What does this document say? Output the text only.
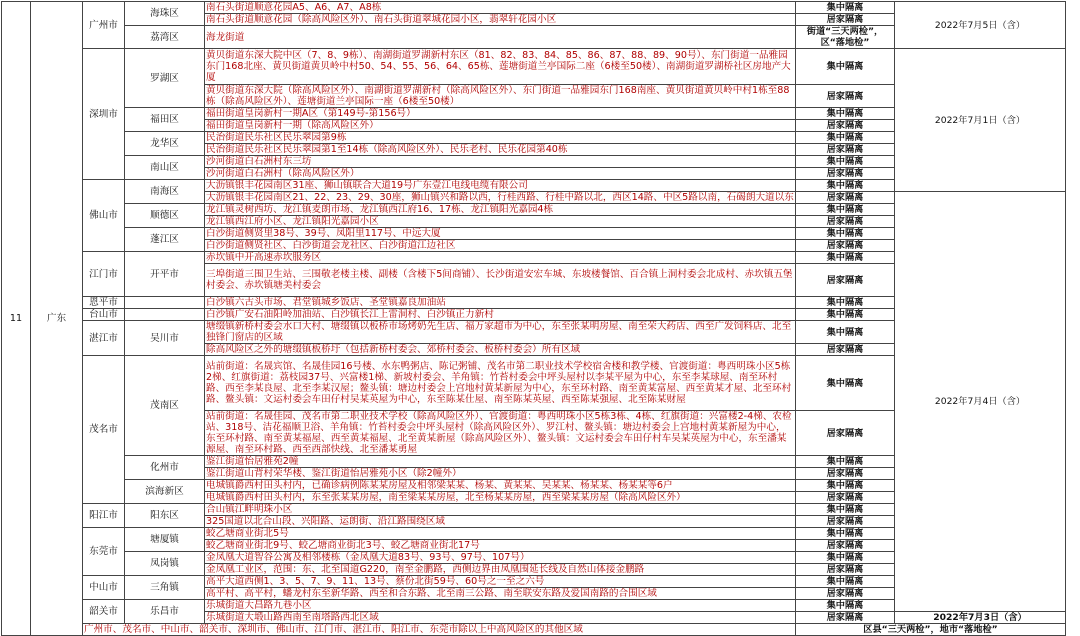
11	广东	广州市	海珠区	南石头街道顺意花园A5、A6、A7、A8栋	集中隔离	2022年7月5日（含）
				南石头街道顺意花园（除高风险区外）、南石头街道翠城花园小区，翡翠轩花园小区	居家隔离	
			荔湾区	海龙街道	街道“三天两检”，区“落地检”	
		深圳市	罗湖区	黄贝街道东深大院中区（7、8、9栋）、南湖街道罗湖新村东区（81、82、83、84、85、86、87、88、89、90号）、东门街道一品雅园东门168北座、黄贝街道黄贝岭中村50、54、55、56、64、65栋、莲塘街道兰亭国际二座（6楼至50楼）、南湖街道罗湖桥社区房地产大厦	集中隔离	2022年7月1日（含）
				黄贝街道东深大院（除高风险区外）、南湖街道罗湖新村（除高风险区外）、东门街道一品雅园东门168南座、黄贝街道黄贝岭中村1栋至88栋（除高风险区外）、莲塘街道兰亭国际一座（6楼至50楼）	居家隔离	
			福田区	福田街道皇岗新村一期A区（第149号-第156号）	集中隔离	
				福田街道皇岗新村一期（除高风险区外）	居家隔离	
			龙华区	民治街道民乐社区民乐翠园第9栋	集中隔离	
				民治街道民乐社区民乐翠园第1至14栋（除高风险区外）、民乐老村、民乐花园第40栋	居家隔离	
			南山区	沙河街道白石洲村东三坊	集中隔离	
				沙河街道白石洲村（除高风险区外）	居家隔离	
		佛山市	南海区	大沥镇银丰花园南区31座、狮山镇联合大道19号广东壹江电线电缆有限公司	集中隔离	
				大沥镇银丰花园南区21、22、23、29、30座，狮山镇兴和路以西，行桂西路、行桂中路以北，西区14路、中区5路以南，石碣朗大道以东	居家隔离	2022年7月4日（含）
			顺德区	龙江镇灵树西坊、龙江镇麦朗市场、龙江镇西江府16、17栋、龙江镇阳光嘉园4栋	集中隔离	
				龙江镇西江府小区、龙江镇阳光嘉园小区	居家隔离	
			蓬江区	白沙街道侧贤里38号、39号、凤阳里117号、中远大厦	集中隔离	
				白沙街道侧贤社区、白沙街道会龙社区、白沙街道江边社区	居家隔离	
		江门市	开平市	赤坎镇中开高速赤坎服务区	集中隔离	
				三埠街道三围卫生站、三围敬老楼主楼、副楼（含楼下5间商铺）、长沙街道安宏车城、东坡楼餐馆、百合镇上洞村委会北成村、赤坎镇五堡村委会、赤坎镇塘美村委会	居家隔离	
		恩平市		白沙镇六古头市场、君堂镇城乡饭店、圣堂镇嘉良加油站	集中隔离	
		台山市		白沙镇广安石油阳岭加油站、白沙镇长江上雷洞村、白沙镇正力新村	集中隔离	
		湛江市	吴川市	塘缀镇新桥村委会水口大村、塘缀镇以板桥市场烤奶先生店、福万家超市为中心，东至张某明房屋、南至荣大药店、西至广发饲料店、北至独锋门窗店的区域	集中隔离	
				除高风险区之外的塘缀镇板桥圩（包括新桥村委会、郊桥村委会、板桥村委会）所有区域	居家隔离	
		茂名市	茂南区	站前街道：名晟宾馆、名晟佳园16号楼、水东鸭粥店、陈记粥铺、茂名市第二职业技术学校宿舍楼和教学楼、官渡街道：粤西明珠小区5栋2梯、红旗街道：荔枝园37号、兴富楼1梯、新坡村委会、羊角镇：竹苔村委会中坪头屋村以李某平屋为中心，东至李某球屋、南至环村路、西至李某良屋、北至李某汉屋；鳌头镇：塘边村委会上宫地村黄某新屋为中心，东至环村路、南至黄某富屋、西至黄某才屋、北至环村路、鳌头镇：文运村委会车田仔村吴某英屋为中心，东至陈某仕屋、南至陈某英屋、西至陈某强屋、北至陈某财屋	集中隔离	
				站前街道：名晟佳园、茂名市第二职业技术学校（除高风险区外）、官渡街道：粤西明珠小区5栋3栋、4栋、红旗街道：兴富楼2-4梯、农检站、318号、洁花福顺卫浴、羊角镇：竹苔村委会中坪头屋村（除高风险区外）、罗江村、鳌头镇：塘边村委会上宫地村黄某新屋为中心，东至环村路、南至黄某福屋、西至黄某福屋、北至黄某新屋（除高风险区外）、鳌头镇：文运村委会车田仔村车吴某英屋为中心，东至潘某源屋、南至环村路、西至西部快线、北至潘某勇屋	居家隔离	
			化州市	鉴江街道怡居雅苑2幢	集中隔离	
				鉴江街道山背村荣华楼、鉴江街道怡居雅苑小区（除2幢外）	居家隔离	
			滨海新区	电城镇爵西村田头村内，已确诊病例陈某某房屋及相邻梁某某、杨某、黄某某、吴某某、杨某某、杨某某等6户	集中隔离	
				电城镇爵西村田头村内，东至张某某房屋，南至梁某某房屋，北至杨某某房屋，西至梁某某房屋（除高风险区外）	居家隔离	
		阳江市	阳东区	合山镇江畔明珠小区	集中隔离	
				325国道以北合山段、兴阳路、运朗街、沿江路围绕区域	居家隔离	
		东莞市	塘厦镇	蛟乙塘商业街北5号	集中隔离	
				蛟乙塘商业街北9号、蛟乙塘商业街北3号、蛟乙塘商业街北17号	居家隔离	
			凤岗镇	金凤凰大道智谷公寓及相邻楼栋（金凤凰大道83号、93号、97号、107号）	集中隔离	
				金凤凰工业区，范围：东、北至国道G220，南至金鹏路，西侧边界由凤凰围延长线及自然山体接金鹏路	居家隔离	
		中山市	三角镇	高平大道西侧1、3、5、7、9、11、13号、蔡份北街59号、60号之一至之六号	集中隔离	
				高平村、高平村，蟠龙村东至新华路、西至和合东路、北至南三公路、南至联安东路及爱国南路的合围区域	居家隔离	
		韶关市	乐昌市	乐城街道大昌路九巷小区	集中隔离	
				乐城街道大塅山路西南至南塔路西北区域	居家隔离	2022年7月3日（含）
		广州市、茂名市、中山市、韶关市、深圳市、佛山市、江门市、湛江市、阳江市、东莞市除以上中高风险区的其他区域			区县“三天两检”，地市“落地检”	
